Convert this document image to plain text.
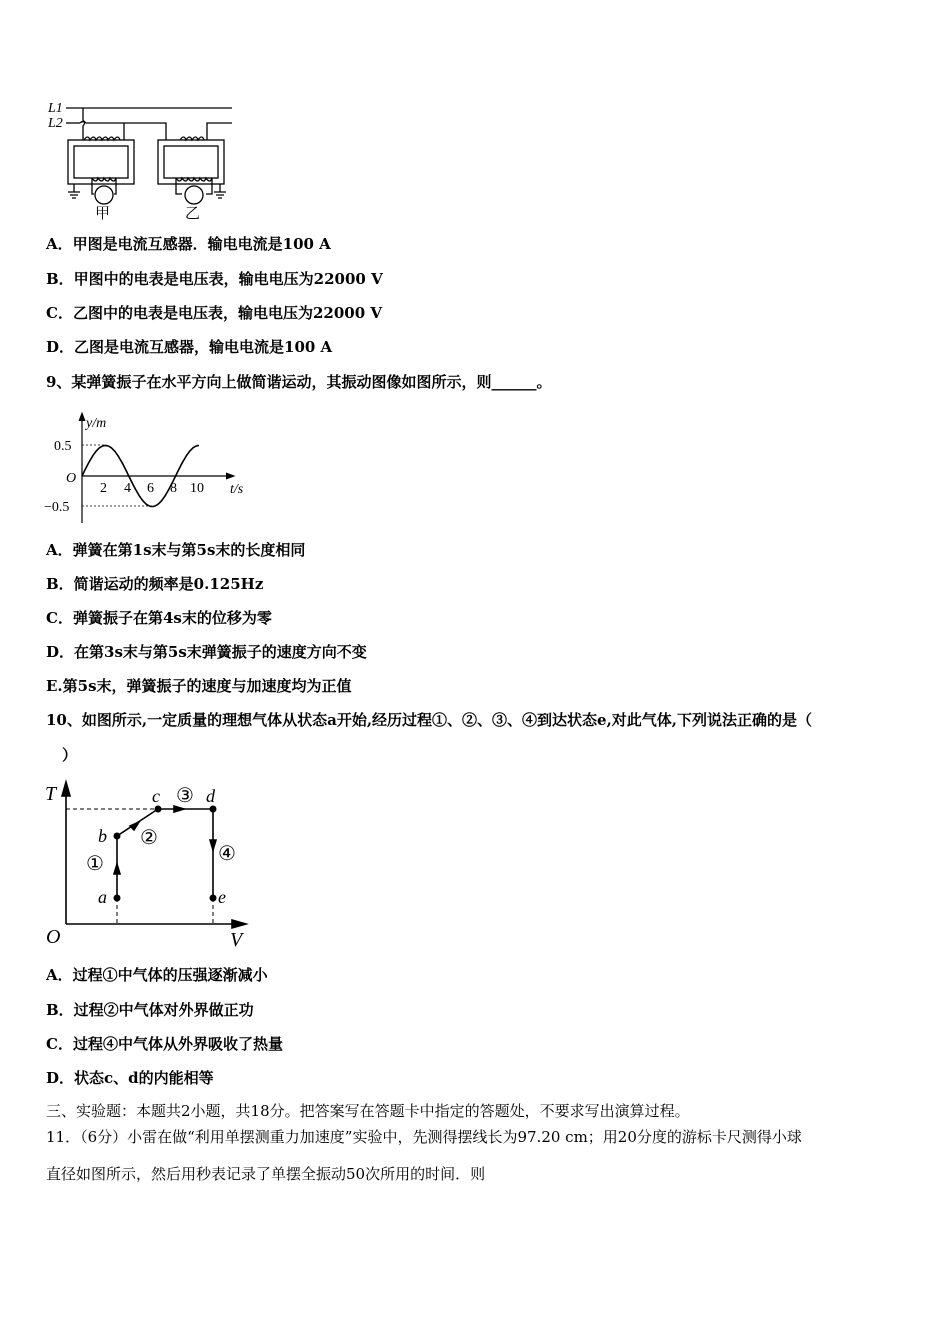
L1
L2
甲	乙
A．甲图是电流互感器．输电电流是100 A
B．甲图中的电表是电压表，输电电压为22000 V
C．乙图中的电表是电压表，输电电压为22000 V
D．乙图是电流互感器，输电电流是100 A
9、某弹簧振子在水平方向上做简谐运动，其振动图像如图所示，则______。
y/m
t/s
O
0.5
−0.5
2 4 6 8 10
A．弹簧在第1s末与第5s末的长度相同
B．简谐运动的频率是0.125Hz
C．弹簧振子在第4s末的位移为零
D．在第3s末与第5s末弹簧振子的速度方向不变
E.第5s末，弹簧振子的速度与加速度均为正值
10、如图所示,一定质量的理想气体从状态a开始,经历过程①、②、③、④到达状态e,对此气体,下列说法正确的是（
）
T
V
O
a
b
c	d
e
①
②
③
④
A．过程①中气体的压强逐渐减小
B．过程②中气体对外界做正功
C．过程④中气体从外界吸收了热量
D．状态c、d的内能相等
三、实验题：本题共2小题，共18分。把答案写在答题卡中指定的答题处，不要求写出演算过程。
11．（6分）小雷在做“利用单摆测重力加速度”实验中，先测得摆线长为97.20 cm；用20分度的游标卡尺测得小球
直径如图所示，然后用秒表记录了单摆全振动50次所用的时间．则
